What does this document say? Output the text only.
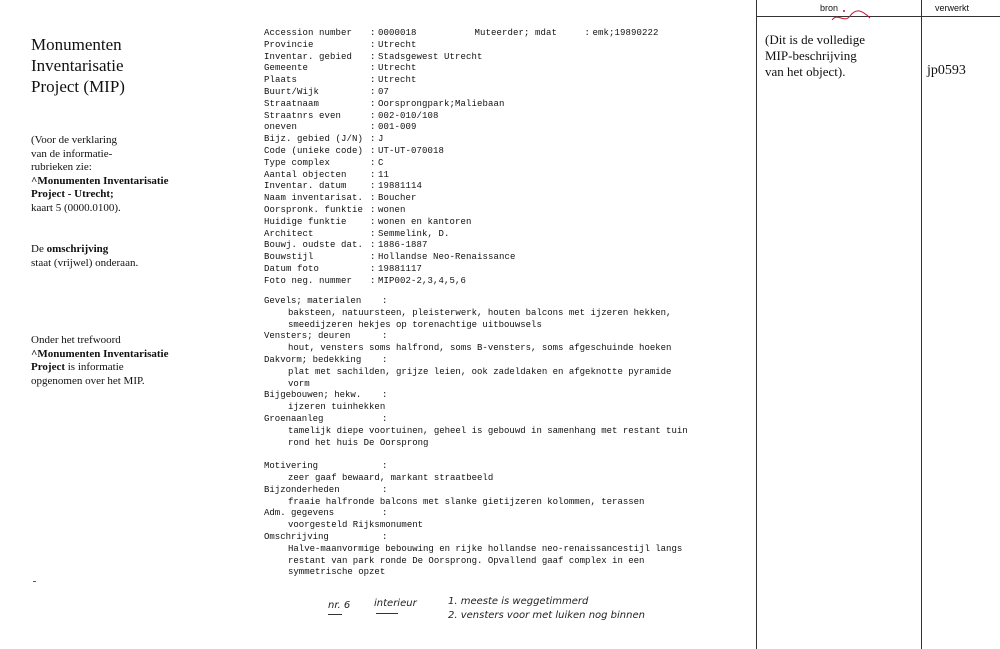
Monumenten
Inventarisatie
Project (MIP)
(Voor de verklaring
van de informatie-
rubrieken zie:
^Monumenten Inventarisatie
Project - Utrecht;
kaart 5 (0000.0100).
De omschrijving
staat (vrijwel) onderaan.
Onder het trefwoord
^Monumenten Inventarisatie
Project is informatie
opgenomen over het MIP.
Accession number : 0000018	Muteerder; mdat	: emk;19890222
Provincie	: Utrecht
Inventar. gebied : Stadsgewest Utrecht
Gemeente	: Utrecht
Plaats	: Utrecht
Buurt/Wijk	: 07
Straatnaam	: Oorsprongpark;Maliebaan
Straatnrs even	: 002-010/108
oneven	: 001-009
Bijz. gebied (J/N) : J
Code (unieke code) : UT-UT-070018
Type complex	: C
Aantal objecten	: 11
Inventar. datum	: 19881114
Naam inventarisat. : Boucher
Oorspronk. funktie : wonen
Huidige funktie	: wonen en kantoren
Architect	: Semmelink, D.
Bouwj. oudste dat. : 1886-1887
Bouwstijl	: Hollandse Neo-Renaissance
Datum foto	: 19881117
Foto neg. nummer : MIP002-2,3,4,5,6
Gevels; materialen :
baksteen, natuursteen, pleisterwerk, houten balcons met ijzeren hekken,
smeedijzeren hekjes op torenachtige uitbouwsels
Vensters; deuren	:
hout, vensters soms halfrond, soms B-vensters, soms afgeschuinde hoeken
Dakvorm; bedekking :
plat met sachilden, grijze leien, ook zadeldaken en afgeknotte pyramide
vorm
Bijgebouwen; hekw. :
ijzeren tuinhekken
Groenaanleg	:
tamelijk diepe voortuinen, geheel is gebouwd in samenhang met restant tuin
rond het huis De Oorsprong
Motivering	:
zeer gaaf bewaard, markant straatbeeld
Bijzonderheden	:
fraaie halfronde balcons met slanke gietijzeren kolommen, terassen
Adm. gegevens	:
voorgesteld Rijksmonument
Omschrijving	:
Halve-maanvormige bebouwing en rijke hollandse neo-renaissancestijl langs
restant van park ronde De Oorsprong. Opvallend gaaf complex in een
symmetrische opzet
bron	verwerkt
(Dit is de volledige
MIP-beschrijving
van het object).	jp0593
nr. 6 interieur	1. meeste is weggetimmerd
2. vensters voor met luiken nog binnen
